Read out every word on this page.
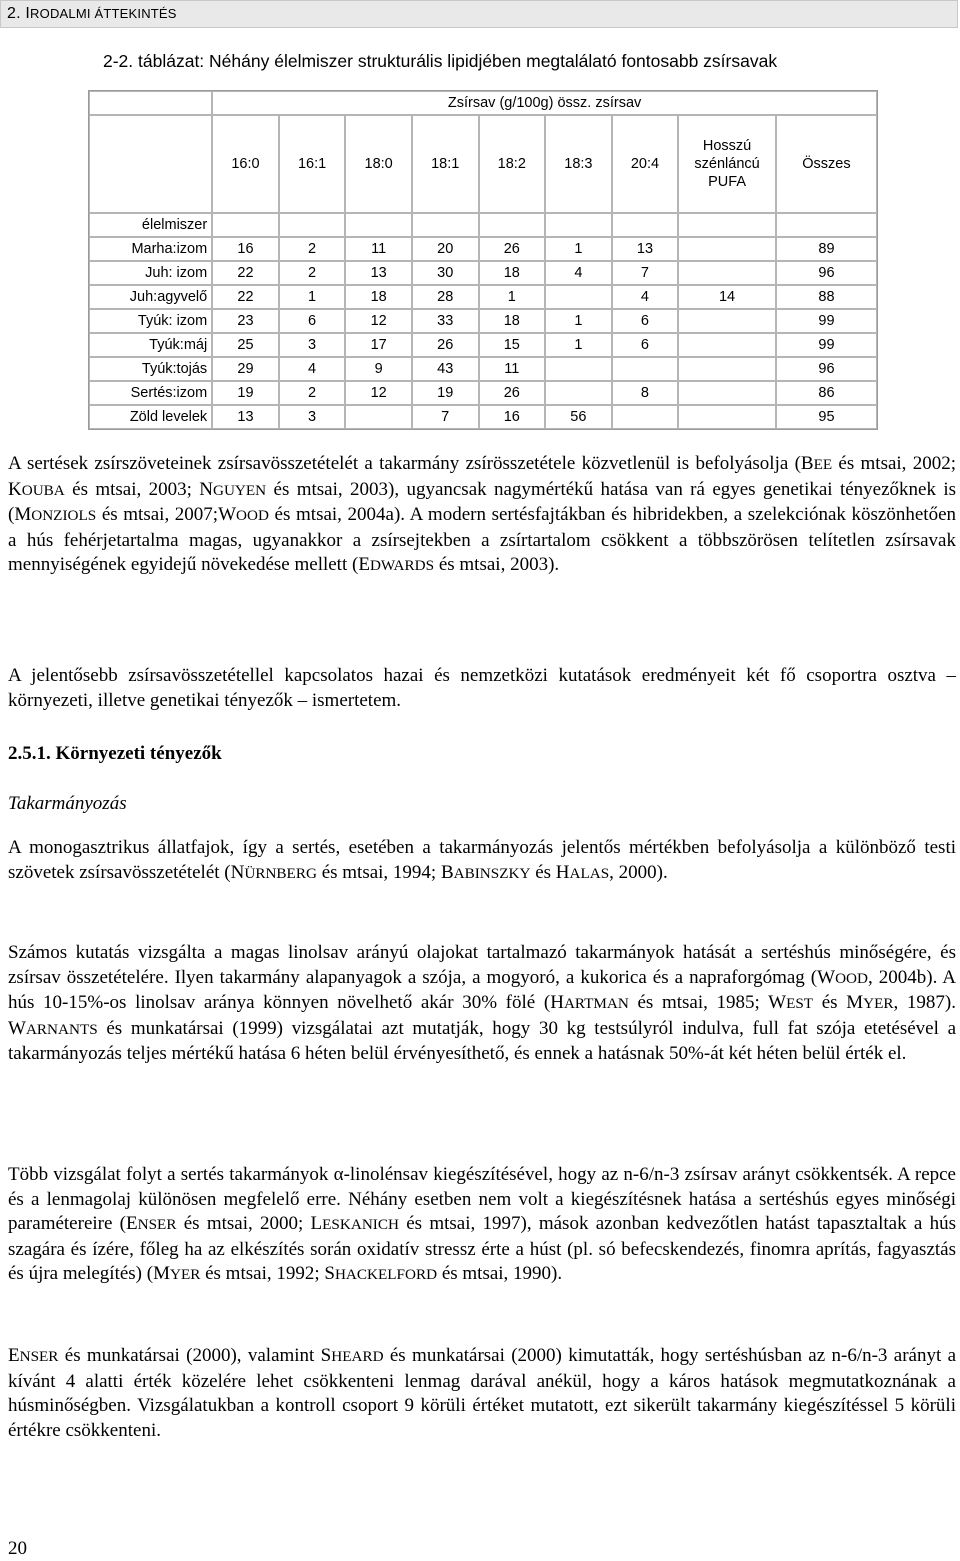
2. IRODALMI ÁTTEKINTÉS
2-2. táblázat: Néhány élelmiszer strukturális lipidjében megtalálató fontosabb zsírsavak
	Zsírsav (g/100g) össz. zsírsav								
	16:0	16:1	18:0	18:1	18:2	18:3	20:4	Hosszú
szénláncú
PUFA	Összes
élelmiszer									
Marha:izom	16	2	11	20	26	1	13		89
Juh: izom	22	2	13	30	18	4	7		96
Juh:agyvelő	22	1	18	28	1		4	14	88
Tyúk: izom	23	6	12	33	18	1	6		99
Tyúk:máj	25	3	17	26	15	1	6		99
Tyúk:tojás	29	4	9	43	11				96
Sertés:izom	19	2	12	19	26		8		86
Zöld levelek	13	3		7	16	56			95

A sertések zsírszöveteinek zsírsavösszetételét a takarmány zsírösszetétele közvetlenül is befolyásolja (BEE és mtsai, 2002; KOUBA és mtsai, 2003; NGUYEN és mtsai, 2003), ugyancsak nagymértékű hatása van rá egyes genetikai tényezőknek is (MONZIOLS és mtsai, 2007;WOOD és mtsai, 2004a). A modern sertésfajtákban és hibridekben, a szelekciónak köszönhetően a hús fehérjetartalma magas, ugyanakkor a zsírsejtekben a zsírtartalom csökkent a többszörösen telítetlen zsírsavak mennyiségének egyidejű növekedése mellett (EDWARDS és mtsai, 2003).

A jelentősebb zsírsavösszetétellel kapcsolatos hazai és nemzetközi kutatások eredményeit két fő csoportra osztva – környezeti, illetve genetikai tényezők – ismertetem.

2.5.1. Környezeti tényezők
Takarmányozás

A monogasztrikus állatfajok, így a sertés, esetében a takarmányozás jelentős mértékben befolyásolja a különböző testi szövetek zsírsavösszetételét (NÜRNBERG és mtsai, 1994; BABINSZKY és HALAS, 2000).

Számos kutatás vizsgálta a magas linolsav arányú olajokat tartalmazó takarmányok hatását a sertéshús minőségére, és zsírsav összetételére. Ilyen takarmány alapanyagok a szója, a mogyoró, a kukorica és a napraforgómag (WOOD, 2004b). A hús 10-15%-os linolsav aránya könnyen növelhető akár 30% fölé (HARTMAN és mtsai, 1985; WEST és MYER, 1987). WARNANTS és munkatársai (1999) vizsgálatai azt mutatják, hogy 30 kg testsúlyról indulva, full fat szója etetésével a takarmányozás teljes mértékű hatása 6 héten belül érvényesíthető, és ennek a hatásnak 50%-át két héten belül érték el.

Több vizsgálat folyt a sertés takarmányok α-linolénsav kiegészítésével, hogy az n-6/n-3 zsírsav arányt csökkentsék. A repce és a lenmagolaj különösen megfelelő erre. Néhány esetben nem volt a kiegészítésnek hatása a sertéshús egyes minőségi paramétereire (ENSER és mtsai, 2000; LESKANICH és mtsai, 1997), mások azonban kedvezőtlen hatást tapasztaltak a hús szagára és ízére, főleg ha az elkészítés során oxidatív stressz érte a húst (pl. só befecskendezés, finomra aprítás, fagyasztás és újra melegítés) (MYER és mtsai, 1992; SHACKELFORD és mtsai, 1990).

ENSER és munkatársai (2000), valamint SHEARD és munkatársai (2000) kimutatták, hogy sertéshúsban az n-6/n-3 arányt a kívánt 4 alatti érték közelére lehet csökkenteni lenmag darával anékül, hogy a káros hatások megmutatkoznának a húsminőségben. Vizsgálatukban a kontroll csoport 9 körüli értéket mutatott, ezt sikerült takarmány kiegészítéssel 5 körüli értékre csökkenteni.

20
